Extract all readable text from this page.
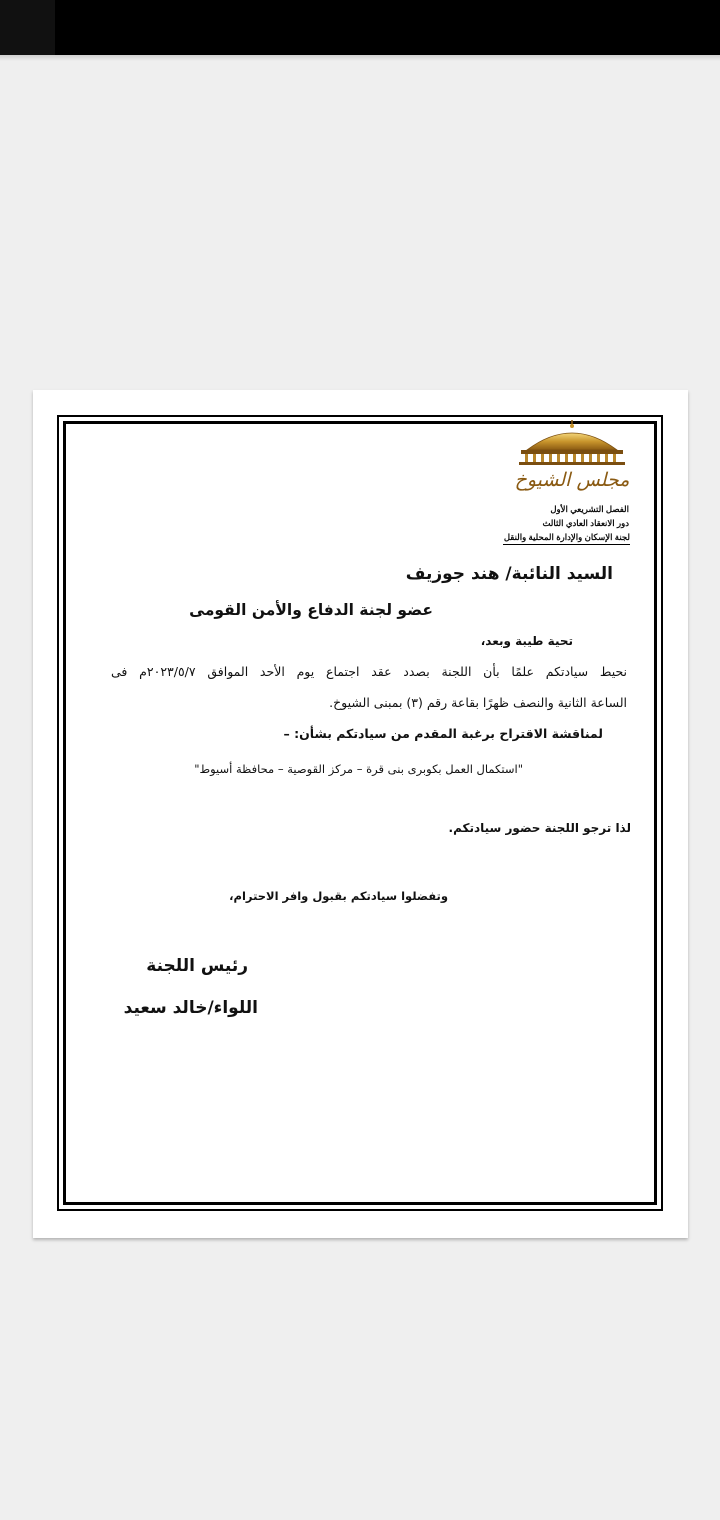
مجلس الشيوخ
الفصل التشريعي الأول
دور الانعقاد العادي الثالث
لجنة الإسكان والإدارة المحلية والنقل
السيد النائبة/ هند جوزيف
عضو لجنة الدفاع والأمن القومى
تحية طيبة وبعد،
نحيط سيادتكم علمًا بأن اللجنة بصدد عقد اجتماع يوم الأحد الموافق ٢٠٢٣/٥/٧م فى
الساعة الثانية والنصف ظهرًا بقاعة رقم (٣) بمبنى الشيوخ.
لمناقشة الاقتراح برغبة المقدم من سيادتكم بشأن: –
"استكمال العمل بكوبرى بنى قرة – مركز القوصية – محافظة أسيوط"
لذا ترجو اللجنة حضور سيادتكم.
وتفضلوا سيادتكم بقبول وافر الاحترام،
رئيس اللجنة
اللواء/خالد سعيد
